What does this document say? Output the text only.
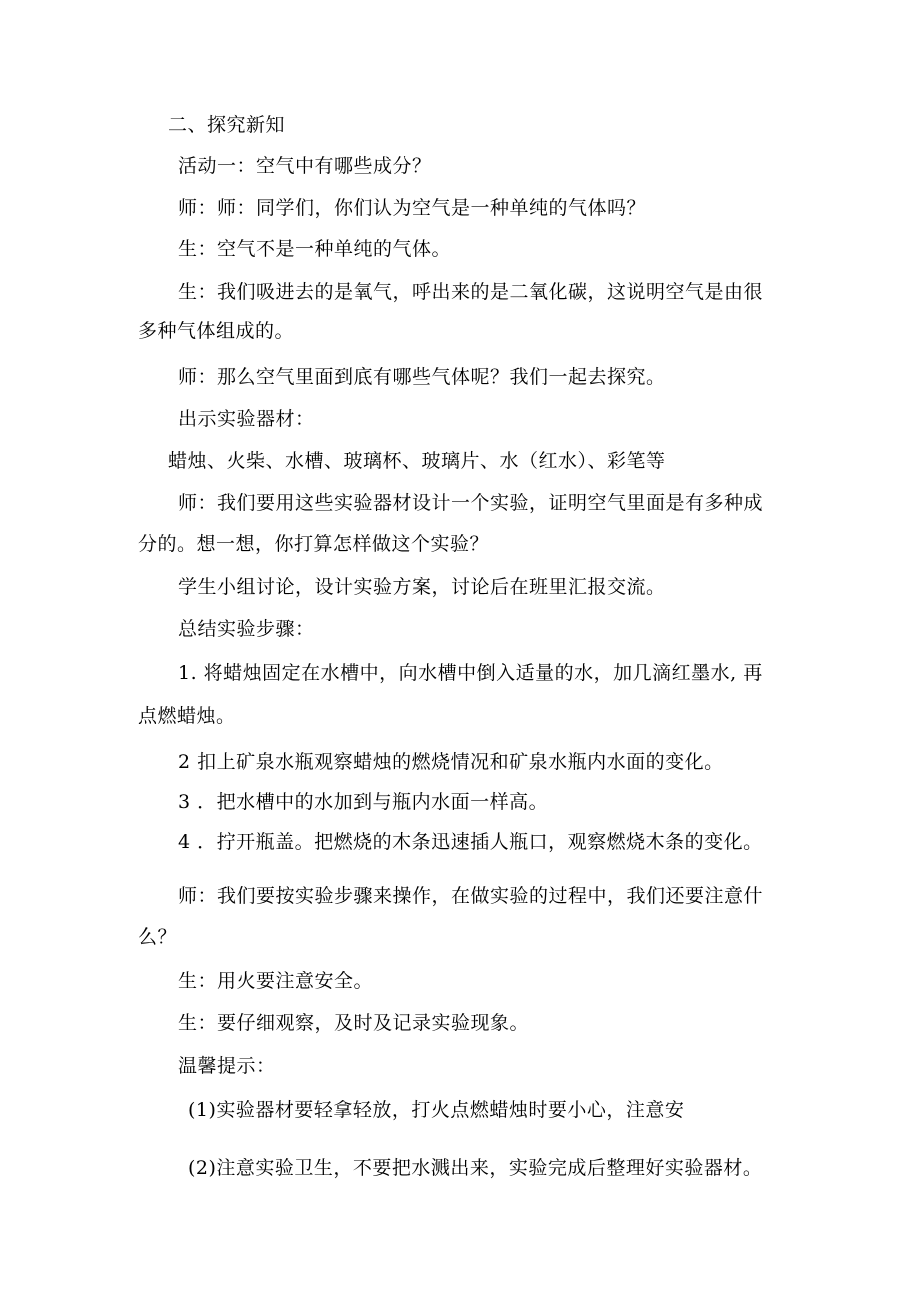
二、探究新知
活动一：空气中有哪些成分？
师：师：同学们，你们认为空气是一种单纯的气体吗？
生：空气不是一种单纯的气体。
生：我们吸进去的是氧气，呼出来的是二氧化碳，这说明空气是由很
多种气体组成的。
师：那么空气里面到底有哪些气体呢？我们一起去探究。
出示实验器材：
蜡烛、火柴、水槽、玻璃杯、玻璃片、水（红水）、彩笔等
师：我们要用这些实验器材设计一个实验，证明空气里面是有多种成
分的。想一想，你打算怎样做这个实验？
学生小组讨论，设计实验方案，讨论后在班里汇报交流。
总结实验步骤：
1. 将蜡烛固定在水槽中，向水槽中倒入适量的水，加几滴红墨水, 再
点燃蜡烛。
2 扣上矿泉水瓶观察蜡烛的燃烧情况和矿泉水瓶内水面的变化。
3 ．把水槽中的水加到与瓶内水面一样高。
4 ．拧开瓶盖。把燃烧的木条迅速插人瓶口，观察燃烧木条的变化。
师：我们要按实验步骤来操作，在做实验的过程中，我们还要注意什
么？
生：用火要注意安全。
生：要仔细观察，及时及记录实验现象。
温馨提示：
(1)实验器材要轻拿轻放，打火点燃蜡烛时要小心，注意安
(2)注意实验卫生，不要把水溅出来，实验完成后整理好实验器材。
